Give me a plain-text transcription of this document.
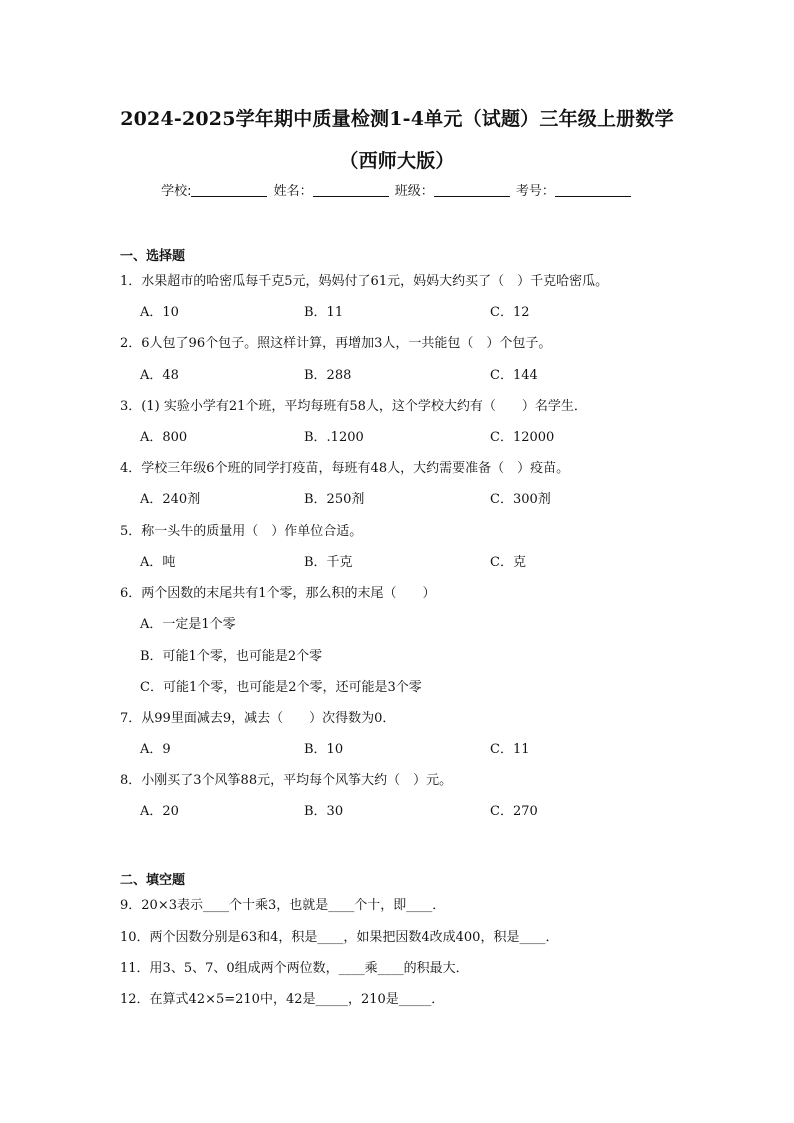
2024-2025学年期中质量检测1-4单元（试题）三年级上册数学
（西师大版）
学校:	姓名：	班级：	考号：
一、选择题
1．水果超市的哈密瓜每千克5元，妈妈付了61元，妈妈大约买了（　）千克哈密瓜。
A．10	B．11	C．12
2．6人包了96个包子。照这样计算，再增加3人，一共能包（　）个包子。
A．48	B．288	C．144
3．(1) 实验小学有21个班，平均每班有58人，这个学校大约有（　　）名学生．
A．800	B．.1200	C．12000
4．学校三年级6个班的同学打疫苗，每班有48人，大约需要准备（　）疫苗。
A．240剂	B．250剂	C．300剂
5．称一头牛的质量用（　）作单位合适。
A．吨	B．千克	C．克
6．两个因数的末尾共有1个零，那么积的末尾（　　）
A．一定是1个零
B．可能1个零，也可能是2个零
C．可能1个零，也可能是2个零，还可能是3个零
7．从99里面减去9，减去（　　）次得数为0．
A．9	B．10	C．11
8．小刚买了3个风筝88元，平均每个风筝大约（　）元。
A．20	B．30	C．270
二、填空题
9．20×3表示____个十乘3，也就是____个十，即____．
10．两个因数分别是63和4，积是____，如果把因数4改成400，积是____．
11．用3、5、7、0组成两个两位数，____乘____的积最大．
12．在算式42×5=210中，42是_____，210是_____．
